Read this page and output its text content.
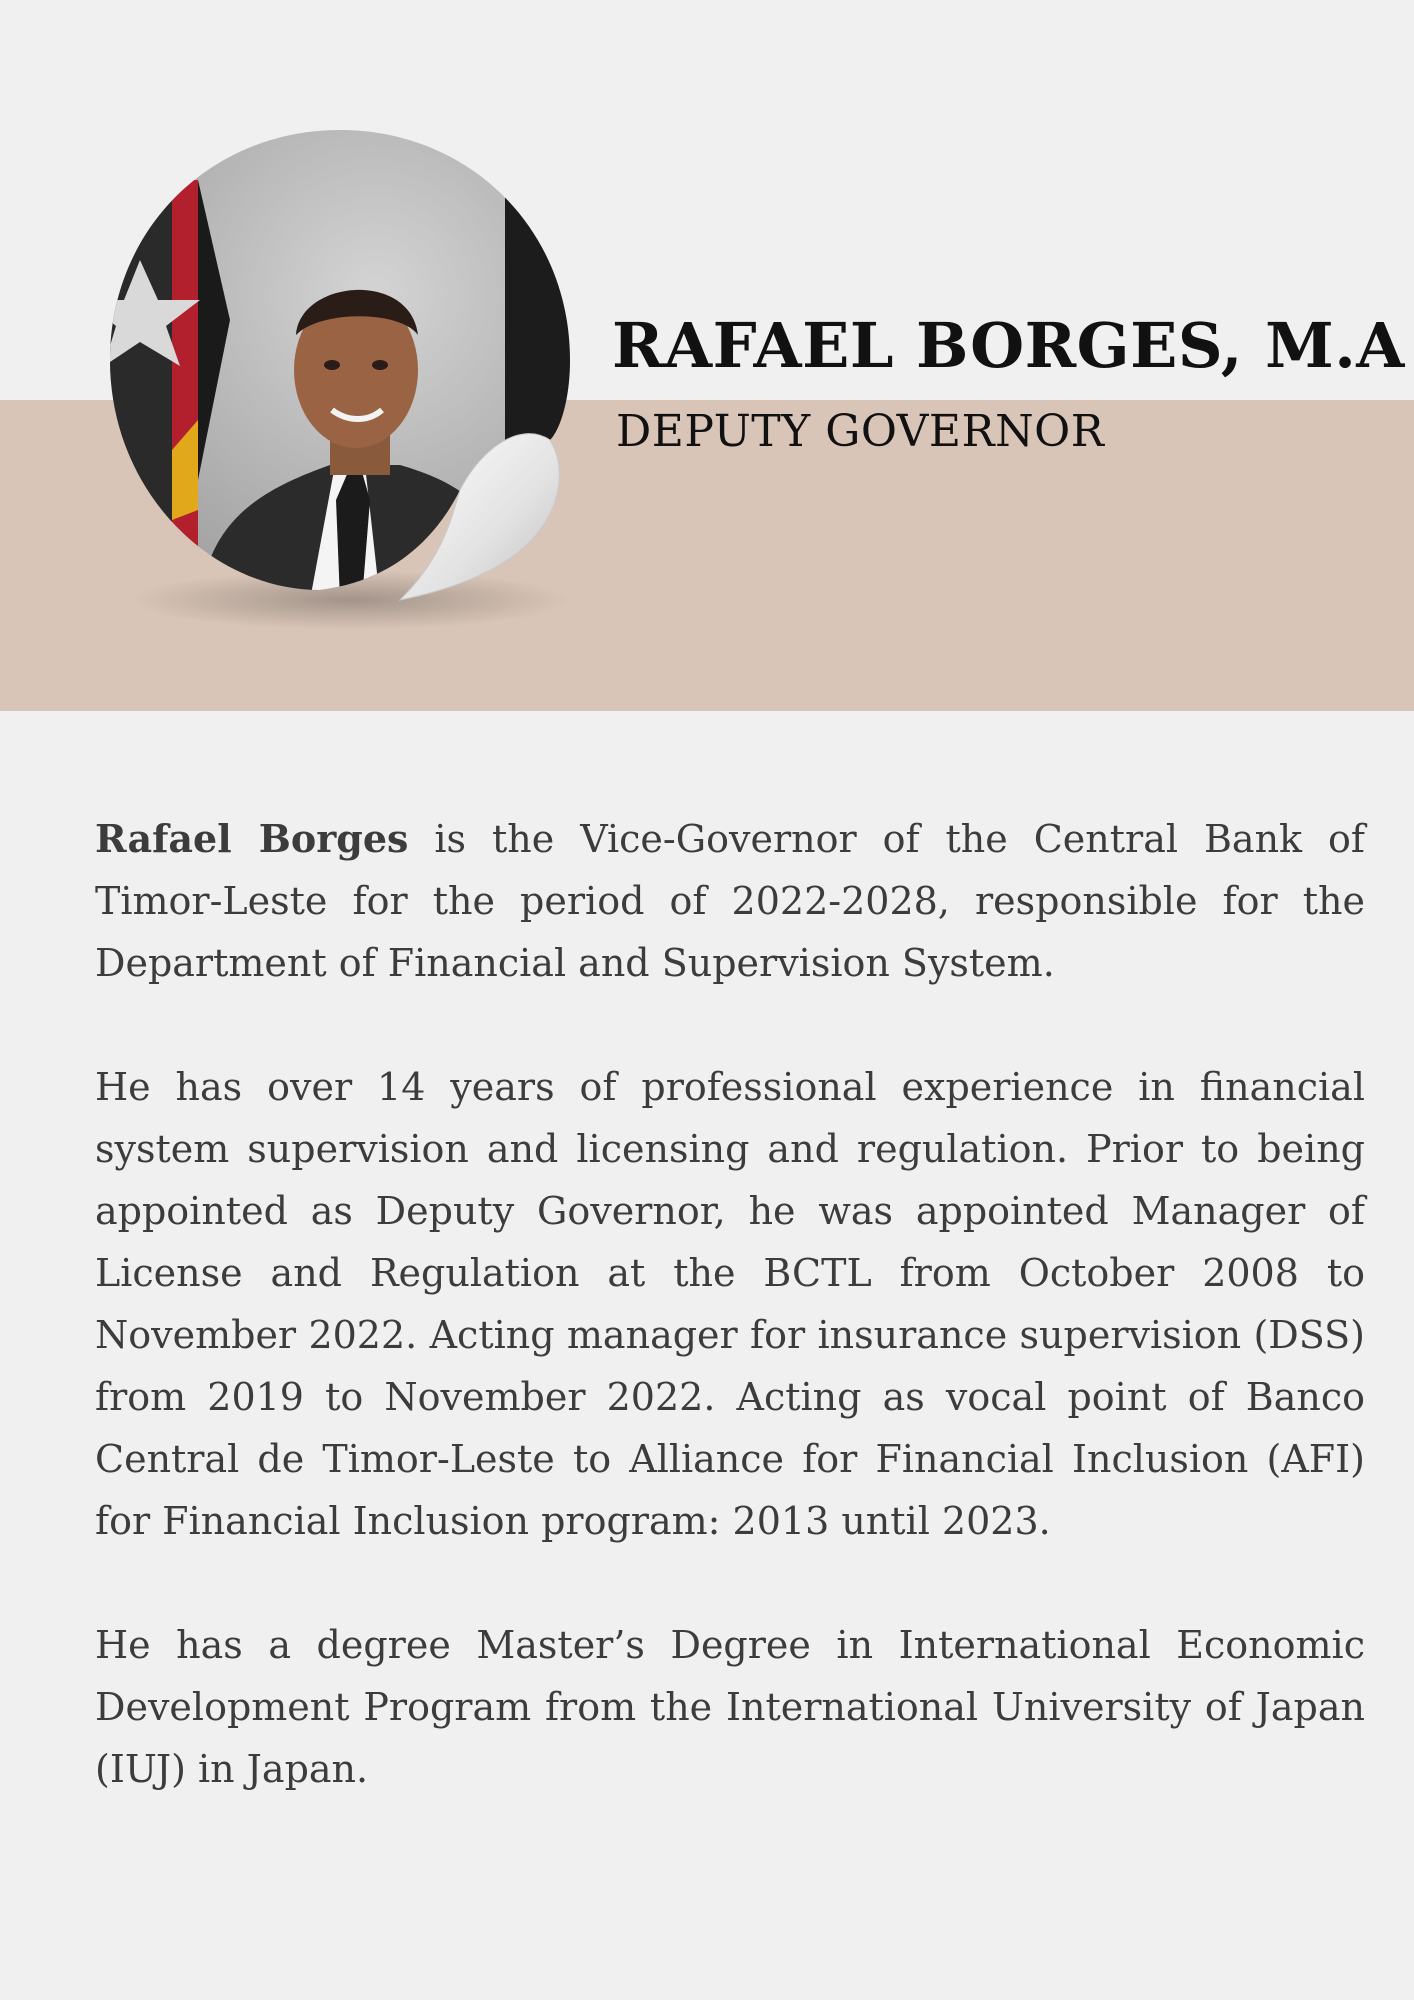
RAFAEL BORGES, M.A
DEPUTY GOVERNOR

Rafael Borges is the Vice-Governor of the Central Bank of Timor-Leste for the period of 2022-2028, responsible for the Department of Financial and Supervision System.

He has over 14 years of professional experience in financial system supervision and licensing and regulation. Prior to being appointed as Deputy Governor, he was appointed Manager of License and Regulation at the BCTL from October 2008 to November 2022. Acting manager for insurance supervision (DSS) from 2019 to November 2022. Acting as vocal point of Banco Central de Timor-Leste to Alliance for Financial Inclusion (AFI) for Financial Inclusion program: 2013 until 2023.

He has a degree Master’s Degree in International Economic Development Program from the International University of Japan (IUJ) in Japan.
